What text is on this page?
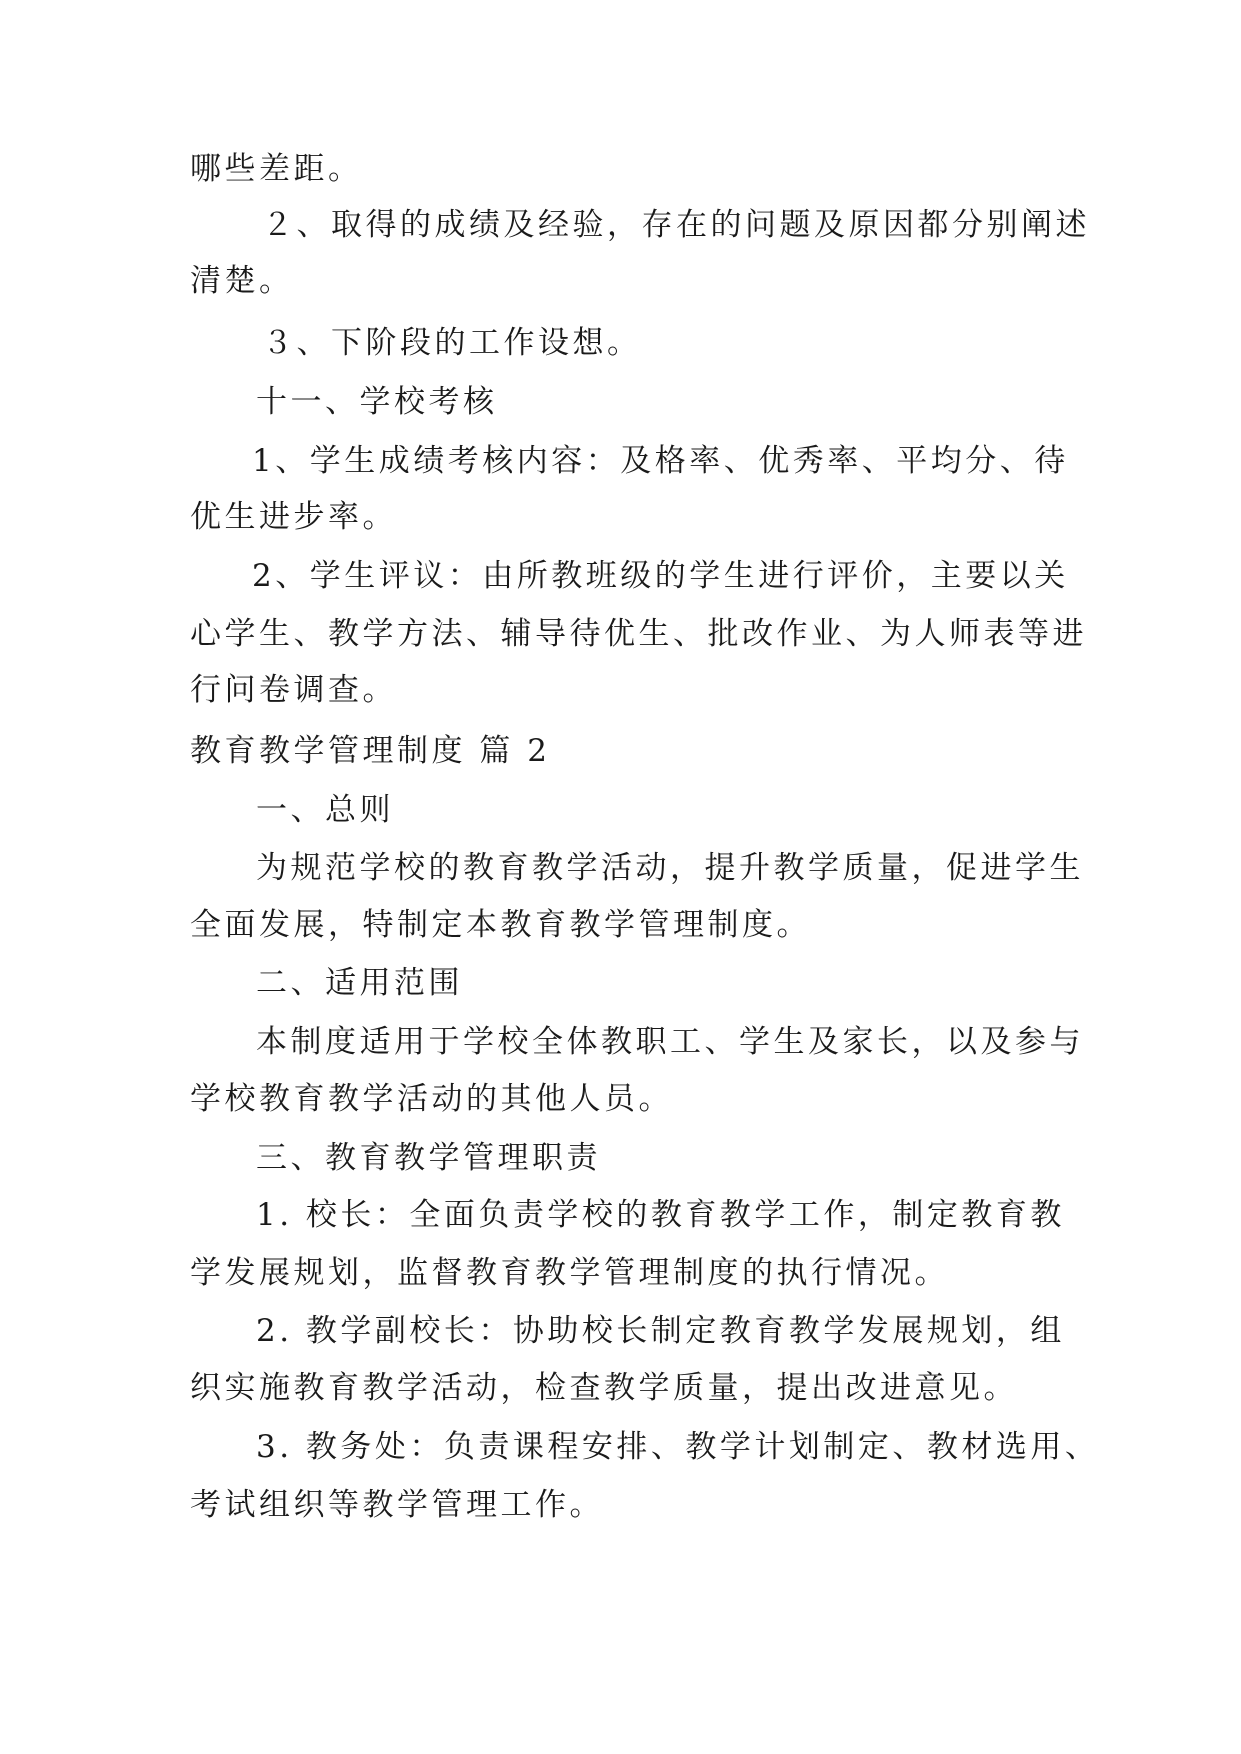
哪些差距。
２、取得的成绩及经验，存在的问题及原因都分别阐述
清楚。
３、下阶段的工作设想。
十一、学校考核
1、学生成绩考核内容：及格率、优秀率、平均分、待
优生进步率。
2、学生评议：由所教班级的学生进行评价，主要以关
心学生、教学方法、辅导待优生、批改作业、为人师表等进
行问卷调查。
教育教学管理制度 篇 2
一、总则
为规范学校的教育教学活动，提升教学质量，促进学生
全面发展，特制定本教育教学管理制度。
二、适用范围
本制度适用于学校全体教职工、学生及家长，以及参与
学校教育教学活动的其他人员。
三、教育教学管理职责
1. 校长：全面负责学校的教育教学工作，制定教育教
学发展规划，监督教育教学管理制度的执行情况。
2. 教学副校长：协助校长制定教育教学发展规划，组
织实施教育教学活动，检查教学质量，提出改进意见。
3. 教务处：负责课程安排、教学计划制定、教材选用、
考试组织等教学管理工作。
